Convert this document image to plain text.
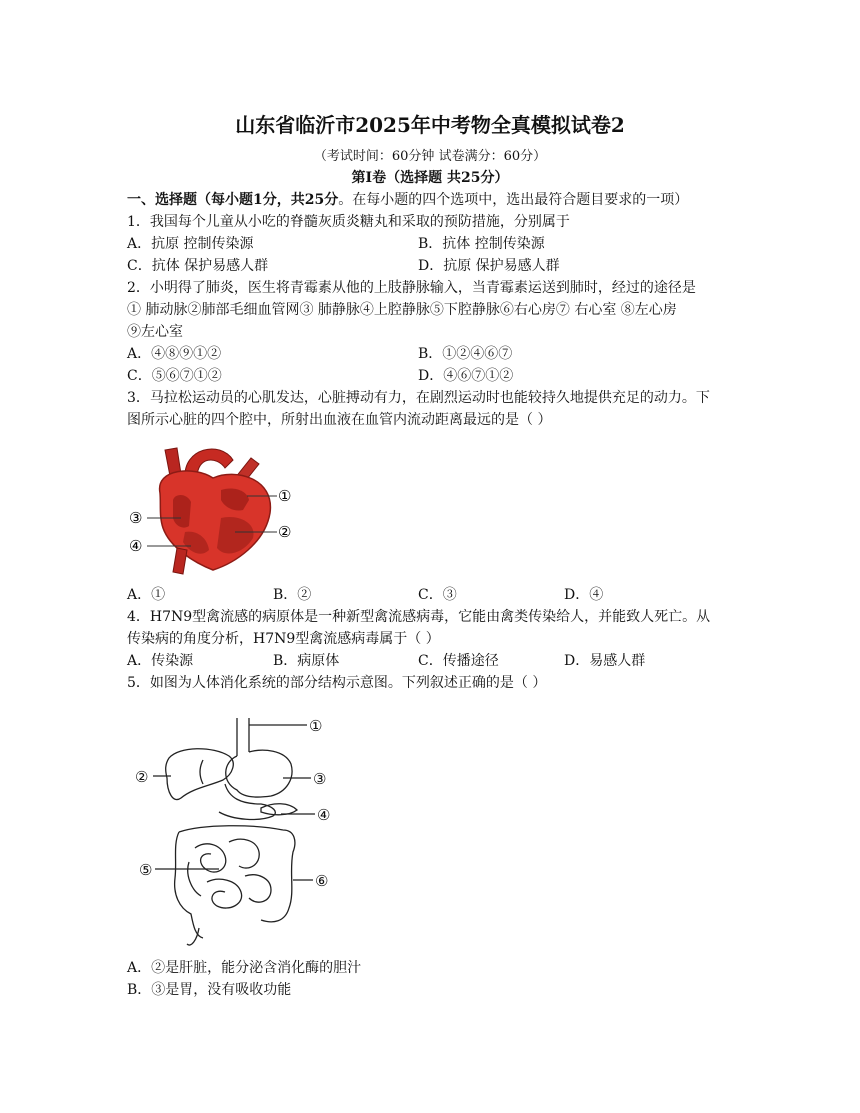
山东省临沂市2025年中考物全真模拟试卷2
（考试时间：60分钟 试卷满分：60分）
第Ⅰ卷（选择题 共25分）
一、选择题（每小题1分，共25分。在每小题的四个选项中，选出最符合题目要求的一项）
1．我国每个儿童从小吃的脊髓灰质炎糖丸和采取的预防措施，分别属于
A．抗原 控制传染源	B．抗体 控制传染源
C．抗体 保护易感人群	D．抗原 保护易感人群
2．小明得了肺炎，医生将青霉素从他的上肢静脉输入，当青霉素运送到肺时，经过的途径是
① 肺动脉②肺部毛细血管网③ 肺静脉④上腔静脉⑤下腔静脉⑥右心房⑦ 右心室 ⑧左心房
⑨左心室
A．④⑧⑨①②	B．①②④⑥⑦
C．⑤⑥⑦①②	D．④⑥⑦①②
3．马拉松运动员的心肌发达，心脏搏动有力，在剧烈运动时也能较持久地提供充足的动力。下
图所示心脏的四个腔中，所射出血液在血管内流动距离最远的是（ ）
①
②
③
④
A．①	B．②	C．③	D．④
4．H7N9型禽流感的病原体是一种新型禽流感病毒，它能由禽类传染给人，并能致人死亡。从
传染病的角度分析，H7N9型禽流感病毒属于（ ）
A．传染源	B．病原体	C．传播途径	D．易感人群
5．如图为人体消化系统的部分结构示意图。下列叙述正确的是（ ）
①
②	③
④
⑤
⑥
A．②是肝脏，能分泌含消化酶的胆汁
B．③是胃，没有吸收功能
